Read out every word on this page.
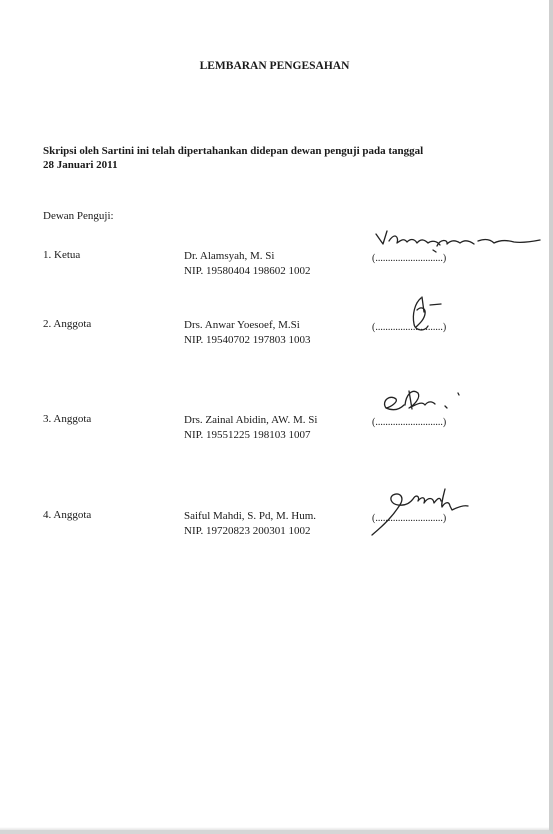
LEMBARAN PENGESAHAN
Skripsi oleh Sartini ini telah dipertahankan didepan dewan penguji pada tanggal
28 Januari 2011
Dewan Penguji:
1. Ketua	Dr. Alamsyah, M. Si
NIP. 19580404 198602 1002
(...........................)
2. Anggota	Drs. Anwar Yoesoef, M.Si
NIP. 19540702 197803 1003
(...........................)
3. Anggota	Drs. Zainal Abidin, AW. M. Si
NIP. 19551225 198103 1007
(...........................)
4. Anggota	Saiful Mahdi, S. Pd, M. Hum.
NIP. 19720823 200301 1002
(...........................)
